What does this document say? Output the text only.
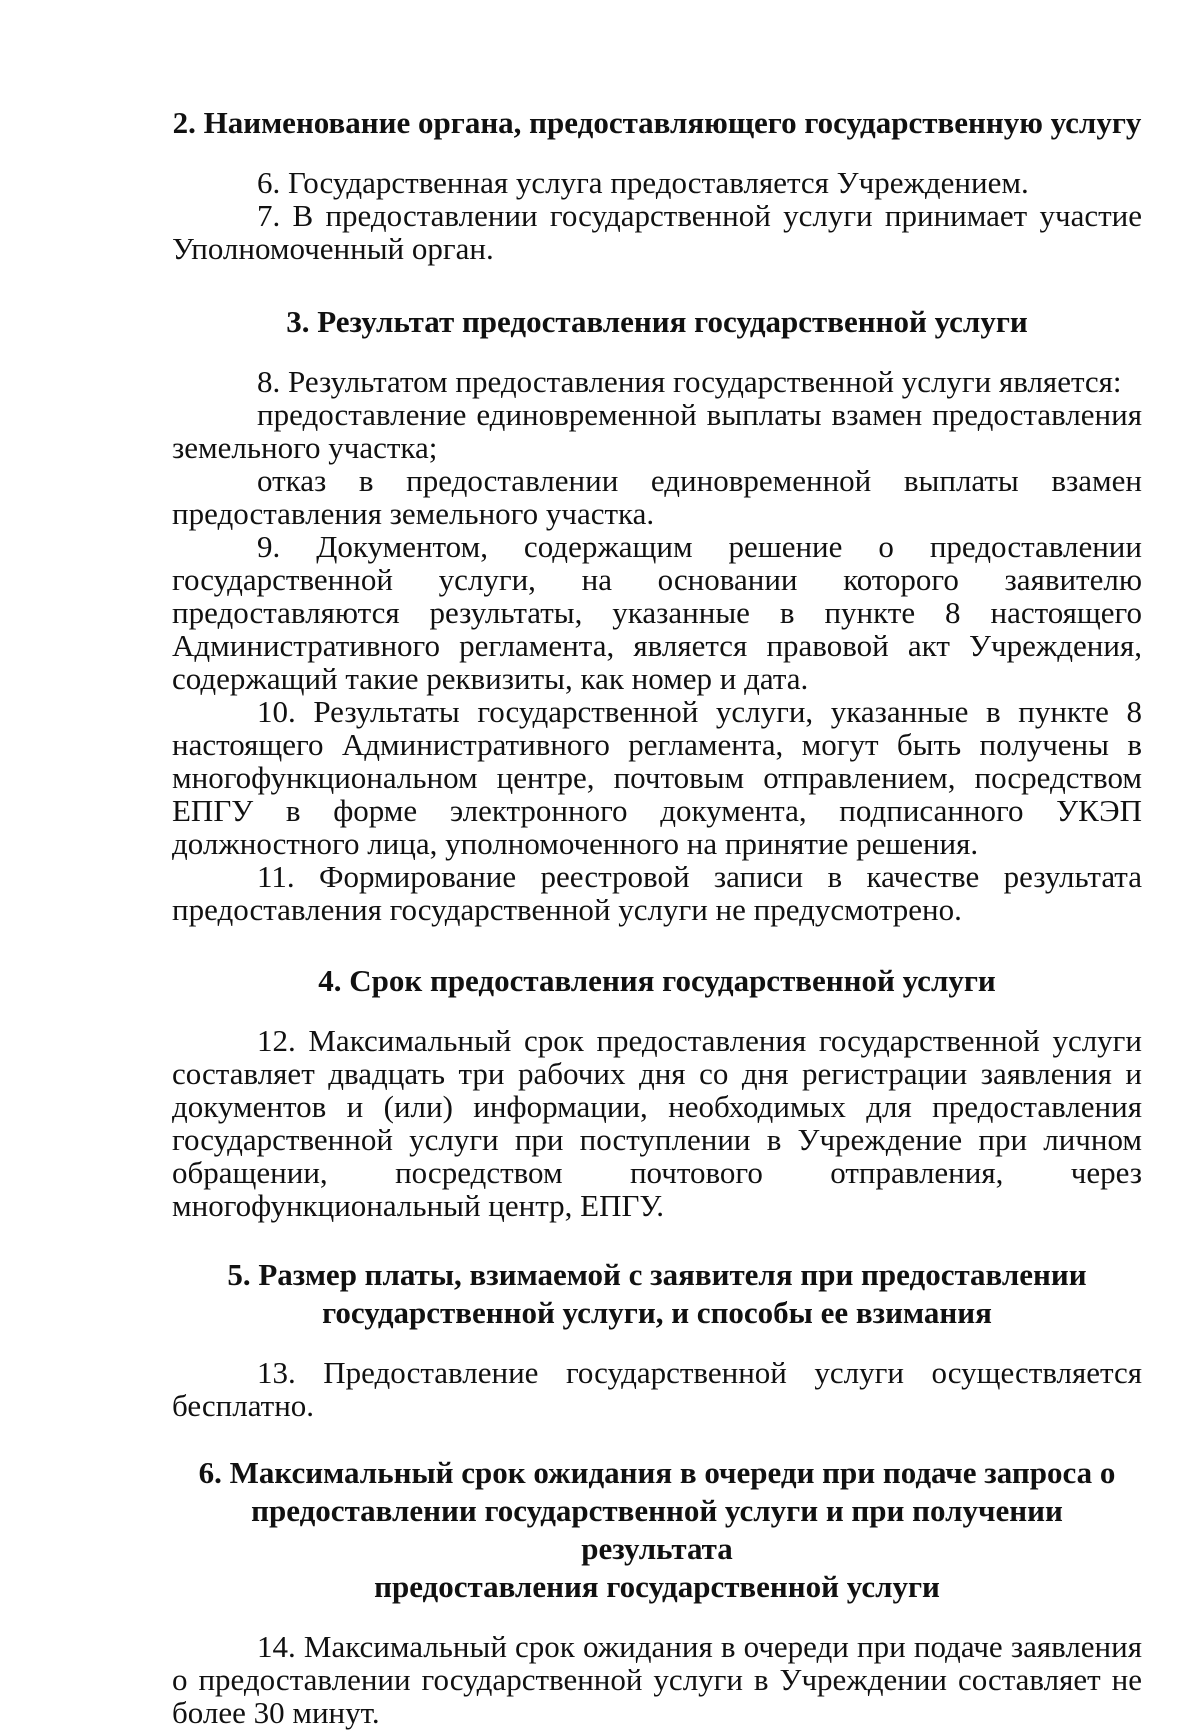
2. Наименование органа, предоставляющего государственную услугу

6. Государственная услуга предоставляется Учреждением.

7. В предоставлении государственной услуги принимает участие Уполномоченный орган.

3. Результат предоставления государственной услуги

8. Результатом предоставления государственной услуги является:

предоставление единовременной выплаты взамен предоставления земельного участка;

отказ в предоставлении единовременной выплаты взамен предоставления земельного участка.

9. Документом, содержащим решение о предоставлении государственной услуги, на основании которого заявителю предоставляются результаты, указанные в пункте 8 настоящего Административного регламента, является правовой акт Учреждения, содержащий такие реквизиты, как номер и дата.

10. Результаты государственной услуги, указанные в пункте 8 настоящего Административного регламента, могут быть получены в многофункциональном центре, почтовым отправлением, посредством ЕПГУ в форме электронного документа, подписанного УКЭП должностного лица, уполномоченного на принятие решения.

11. Формирование реестровой записи в качестве результата предоставления государственной услуги не предусмотрено.

4. Срок предоставления государственной услуги

12. Максимальный срок предоставления государственной услуги составляет двадцать три рабочих дня со дня регистрации заявления и документов и (или) информации, необходимых для предоставления государственной услуги при поступлении в Учреждение при личном обращении, посредством почтового отправления, через многофункциональный центр, ЕПГУ.

5. Размер платы, взимаемой с заявителя при предоставлении
государственной услуги, и способы ее взимания

13. Предоставление государственной услуги осуществляется бесплатно.

6. Максимальный срок ожидания в очереди при подаче запроса о
предоставлении государственной услуги и при получении результата
предоставления государственной услуги

14. Максимальный срок ожидания в очереди при подаче заявления о предоставлении государственной услуги в Учреждении составляет не более 30 минут.
